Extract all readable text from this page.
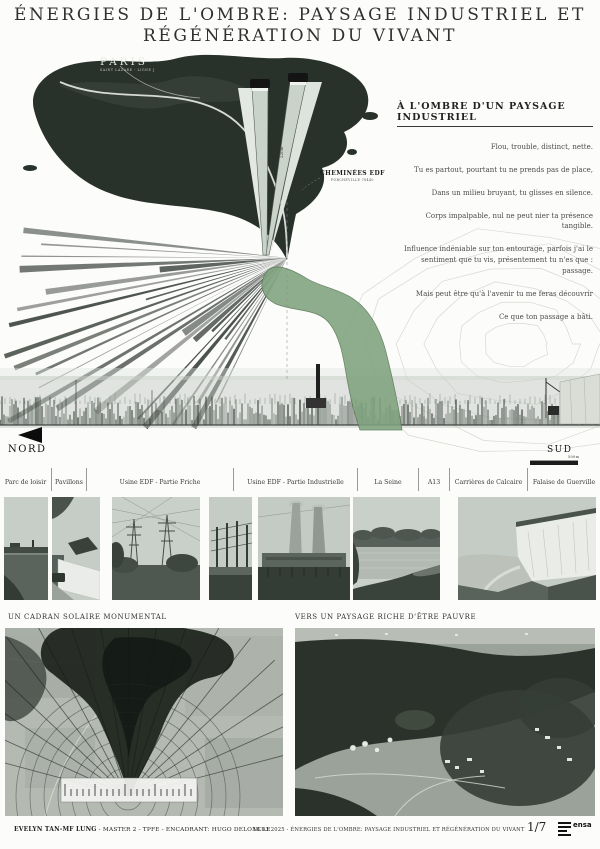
ÉNERGIES DE L'OMBRE: PAYSAGE INDUSTRIEL ET
RÉGÉNÉRATION DU VIVANT
PARIS
SAINT LAZARE - LIGNE J
CHEMINÉES EDF
PORCHEVILLE 78440
220m
NORD	SUD
500m
À L'OMBRE D'UN PAYSAGE INDUSTRIEL

Flou, trouble, distinct, nette.

Tu es partout, pourtant tu ne prends pas de place,

Dans un milieu bruyant, tu glisses en silence.

Corps impalpable, nul ne peut nier ta présence tangible.

Influence indéniable sur ton entourage, parfois j'ai le sentiment que tu vis, présentement tu n'es que : passage.

Mais peut être qu'à l'avenir tu me feras découvrir

Ce que ton passage a bâti.

Parc de loisir	Pavillons	Usine EDF - Partie Friche	Usine EDF - Partie Industrielle	La Seine	A13	Carrières de Calcaire	Falaise de Guerville
UN CADRAN SOLAIRE MONUMENTAL	VERS UN PAYSAGE RICHE D'ÊTRE PAUVRE
EVELYN TAN-MF LUNG - MASTER 2 - TPFE - ENCADRANT: HUGO DELONCLE
18.03.2025 - ÉNERGIES DE L'OMBRE: PAYSAGE INDUSTRIEL ET RÉGÉNÉRATION DU VIVANT 1/7	ensa
